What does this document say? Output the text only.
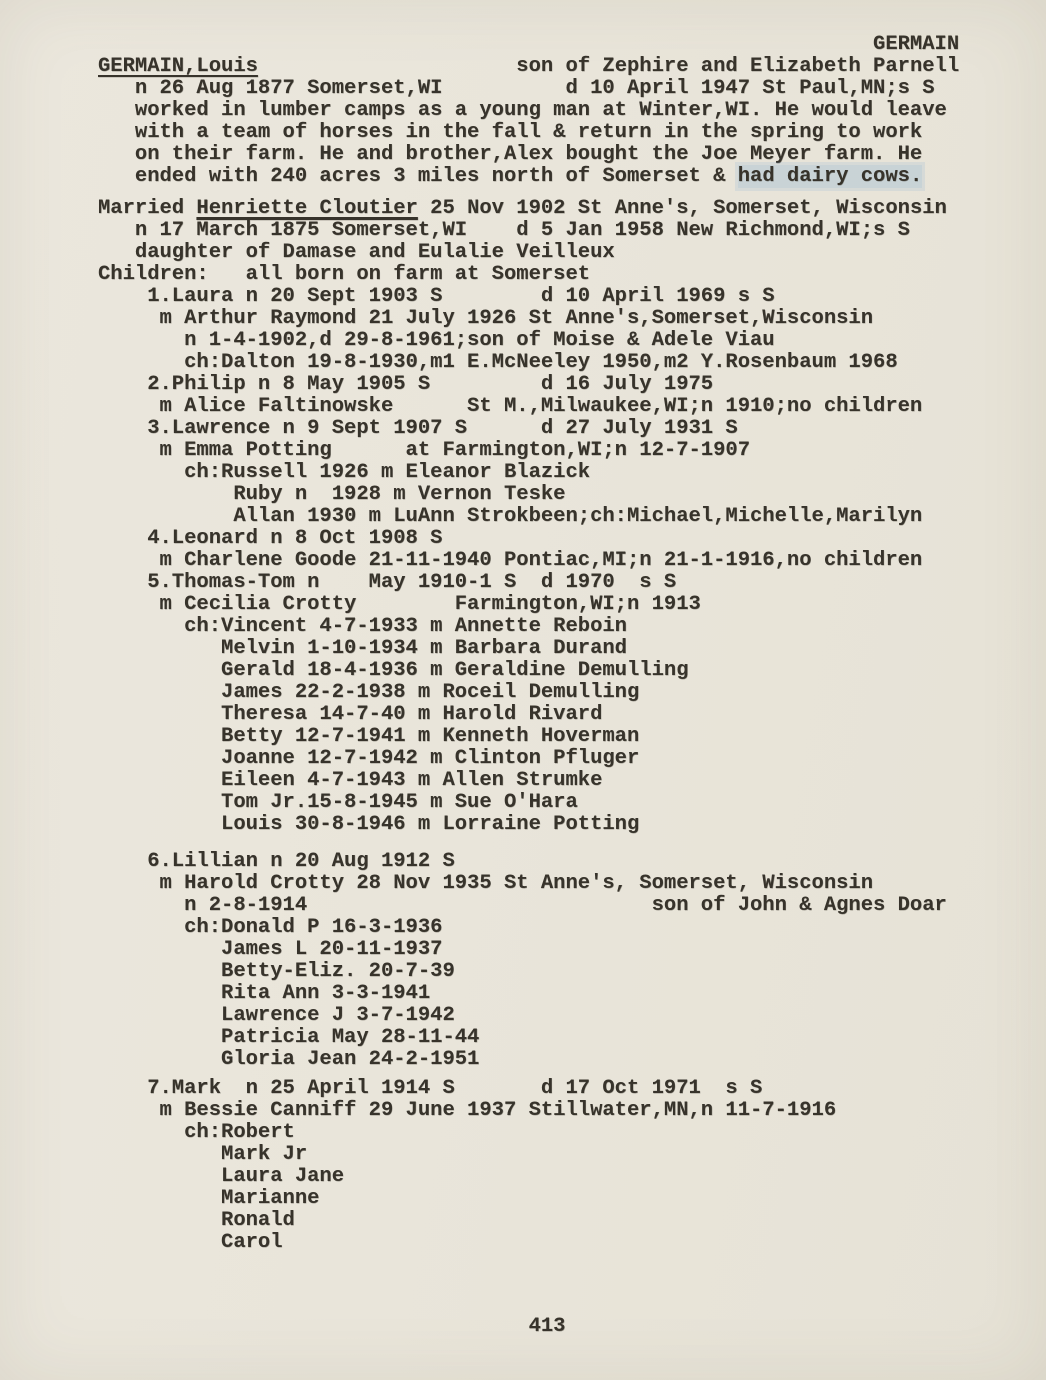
GERMAIN
GERMAIN,Louis                     son of Zephire and Elizabeth Parnell
n 26 Aug 1877 Somerset,WI          d 10 April 1947 St Paul,MN;s S
worked in lumber camps as a young man at Winter,WI. He would leave
with a team of horses in the fall & return in the spring to work
on their farm. He and brother,Alex bought the Joe Meyer farm. He
ended with 240 acres 3 miles north of Somerset & had dairy cows.
Married Henriette Cloutier 25 Nov 1902 St Anne's, Somerset, Wisconsin
n 17 March 1875 Somerset,WI    d 5 Jan 1958 New Richmond,WI;s S
daughter of Damase and Eulalie Veilleux
Children:   all born on farm at Somerset
1.Laura n 20 Sept 1903 S        d 10 April 1969 s S
m Arthur Raymond 21 July 1926 St Anne's,Somerset,Wisconsin
n 1-4-1902,d 29-8-1961;son of Moise & Adele Viau
ch:Dalton 19-8-1930,m1 E.McNeeley 1950,m2 Y.Rosenbaum 1968
2.Philip n 8 May 1905 S         d 16 July 1975
m Alice Faltinowske      St M.,Milwaukee,WI;n 1910;no children
3.Lawrence n 9 Sept 1907 S      d 27 July 1931 S
m Emma Potting      at Farmington,WI;n 12-7-1907
ch:Russell 1926 m Eleanor Blazick
Ruby n  1928 m Vernon Teske
Allan 1930 m LuAnn Strokbeen;ch:Michael,Michelle,Marilyn
4.Leonard n 8 Oct 1908 S
m Charlene Goode 21-11-1940 Pontiac,MI;n 21-1-1916,no children
5.Thomas-Tom n    May 1910-1 S  d 1970  s S
m Cecilia Crotty        Farmington,WI;n 1913
ch:Vincent 4-7-1933 m Annette Reboin
Melvin 1-10-1934 m Barbara Durand
Gerald 18-4-1936 m Geraldine Demulling
James 22-2-1938 m Roceil Demulling
Theresa 14-7-40 m Harold Rivard
Betty 12-7-1941 m Kenneth Hoverman
Joanne 12-7-1942 m Clinton Pfluger
Eileen 4-7-1943 m Allen Strumke
Tom Jr.15-8-1945 m Sue O'Hara
Louis 30-8-1946 m Lorraine Potting
6.Lillian n 20 Aug 1912 S
m Harold Crotty 28 Nov 1935 St Anne's, Somerset, Wisconsin
n 2-8-1914                            son of John & Agnes Doar
ch:Donald P 16-3-1936
James L 20-11-1937
Betty-Eliz. 20-7-39
Rita Ann 3-3-1941
Lawrence J 3-7-1942
Patricia May 28-11-44
Gloria Jean 24-2-1951
7.Mark  n 25 April 1914 S       d 17 Oct 1971  s S
m Bessie Canniff 29 June 1937 Stillwater,MN,n 11-7-1916
ch:Robert
Mark Jr
Laura Jane
Marianne
Ronald
Carol
413
